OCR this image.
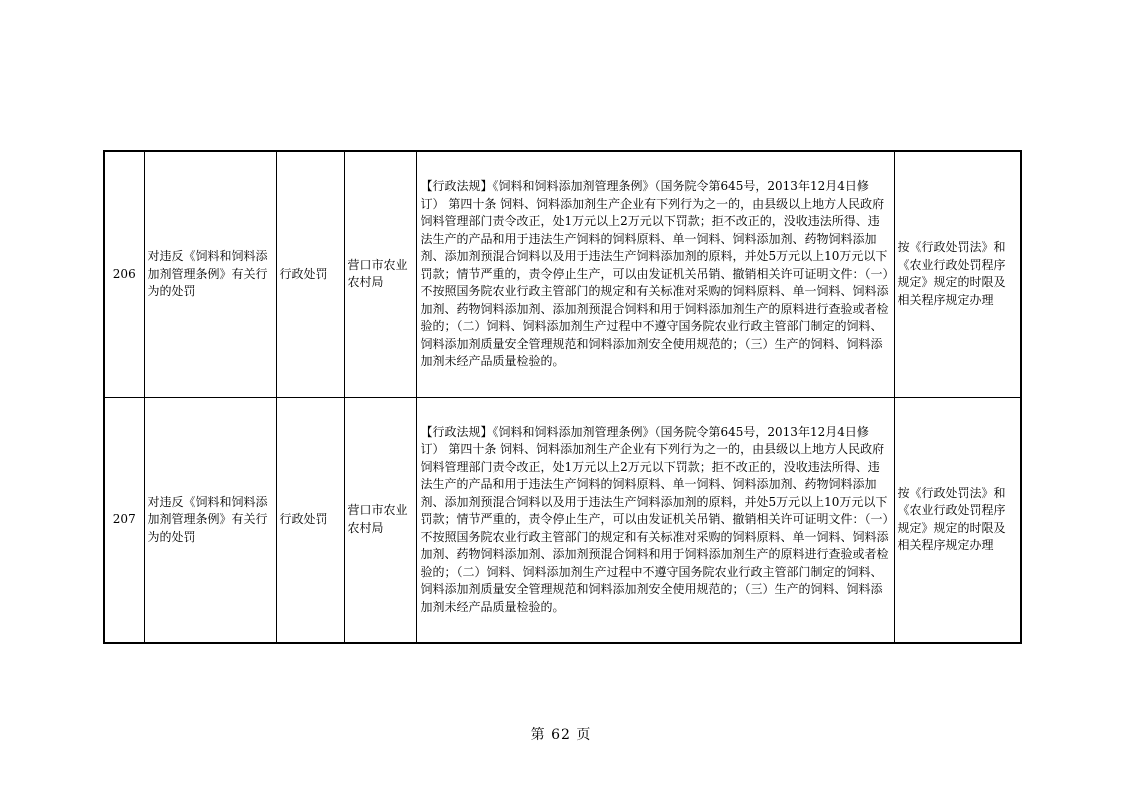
206	对违反《饲料和饲料添加剂管理条例》有关行为的处罚	行政处罚	营口市农业农村局	【行政法规】《饲料和饲料添加剂管理条例》（国务院令第645号，2013年12月4日修订） 第四十条 饲料、饲料添加剂生产企业有下列行为之一的，由县级以上地方人民政府饲料管理部门责令改正，处1万元以上2万元以下罚款；拒不改正的，没收违法所得、违法生产的产品和用于违法生产饲料的饲料原料、单一饲料、饲料添加剂、药物饲料添加剂、添加剂预混合饲料以及用于违法生产饲料添加剂的原料，并处5万元以上10万元以下罚款；情节严重的，责令停止生产，可以由发证机关吊销、撤销相关许可证明文件：（一）不按照国务院农业行政主管部门的规定和有关标准对采购的饲料原料、单一饲料、饲料添加剂、药物饲料添加剂、添加剂预混合饲料和用于饲料添加剂生产的原料进行查验或者检验的；（二）饲料、饲料添加剂生产过程中不遵守国务院农业行政主管部门制定的饲料、饲料添加剂质量安全管理规范和饲料添加剂安全使用规范的；（三）生产的饲料、饲料添加剂未经产品质量检验的。	按《行政处罚法》和《农业行政处罚程序规定》规定的时限及相关程序规定办理
207	对违反《饲料和饲料添加剂管理条例》有关行为的处罚	行政处罚	营口市农业农村局	【行政法规】《饲料和饲料添加剂管理条例》（国务院令第645号，2013年12月4日修订） 第四十条 饲料、饲料添加剂生产企业有下列行为之一的，由县级以上地方人民政府饲料管理部门责令改正，处1万元以上2万元以下罚款；拒不改正的，没收违法所得、违法生产的产品和用于违法生产饲料的饲料原料、单一饲料、饲料添加剂、药物饲料添加剂、添加剂预混合饲料以及用于违法生产饲料添加剂的原料，并处5万元以上10万元以下罚款；情节严重的，责令停止生产，可以由发证机关吊销、撤销相关许可证明文件：（一）不按照国务院农业行政主管部门的规定和有关标准对采购的饲料原料、单一饲料、饲料添加剂、药物饲料添加剂、添加剂预混合饲料和用于饲料添加剂生产的原料进行查验或者检验的；（二）饲料、饲料添加剂生产过程中不遵守国务院农业行政主管部门制定的饲料、饲料添加剂质量安全管理规范和饲料添加剂安全使用规范的；（三）生产的饲料、饲料添加剂未经产品质量检验的。	按《行政处罚法》和《农业行政处罚程序规定》规定的时限及相关程序规定办理
第 62 页
